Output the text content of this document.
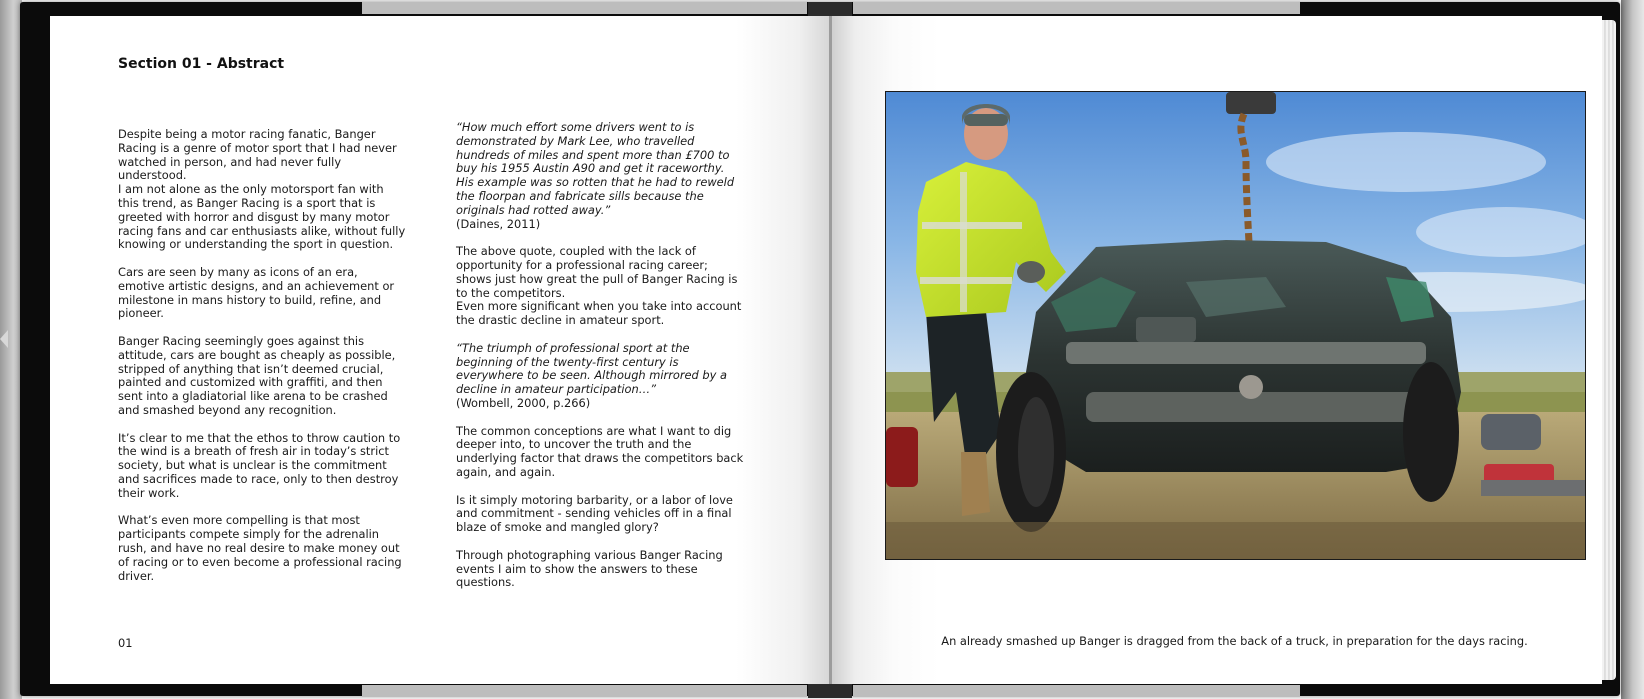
Section 01 - Abstract
Despite being a motor racing fanatic, Banger
Racing is a genre of motor sport that I had never
watched in person, and had never fully
understood.
I am not alone as the only motorsport fan with
this trend, as Banger Racing is a sport that is
greeted with horror and disgust by many motor
racing fans and car enthusiasts alike, without fully
knowing or understanding the sport in question.
Cars are seen by many as icons of an era,
emotive artistic designs, and an achievement or
milestone in mans history to build, refine, and
pioneer.
Banger Racing seemingly goes against this
attitude, cars are bought as cheaply as possible,
stripped of anything that isn’t deemed crucial,
painted and customized with graffiti, and then
sent into a gladiatorial like arena to be crashed
and smashed beyond any recognition.
It’s clear to me that the ethos to throw caution to
the wind is a breath of fresh air in today’s strict
society, but what is unclear is the commitment
and sacrifices made to race, only to then destroy
their work.
What’s even more compelling is that most
participants compete simply for the adrenalin
rush, and have no real desire to make money out
of racing or to even become a professional racing
driver.
“How much effort some drivers went to is
demonstrated by Mark Lee, who travelled
hundreds of miles and spent more than £700 to
buy his 1955 Austin A90 and get it raceworthy.
His example was so rotten that he had to reweld
the floorpan and fabricate sills because the
originals had rotted away.”
(Daines, 2011)
The above quote, coupled with the lack of
opportunity for a professional racing career;
shows just how great the pull of Banger Racing is
to the competitors.
Even more significant when you take into account
the drastic decline in amateur sport.
“The triumph of professional sport at the
beginning of the twenty-first century is
everywhere to be seen. Although mirrored by a
decline in amateur participation…”
(Wombell, 2000, p.266)
The common conceptions are what I want to dig
deeper into, to uncover the truth and the
underlying factor that draws the competitors back
again, and again.
Is it simply motoring barbarity, or a labor of love
and commitment - sending vehicles off in a final
blaze of smoke and mangled glory?
Through photographing various Banger Racing
events I aim to show the answers to these
questions.
01	An already smashed up Banger is dragged from the back of a truck, in preparation for the days racing.
